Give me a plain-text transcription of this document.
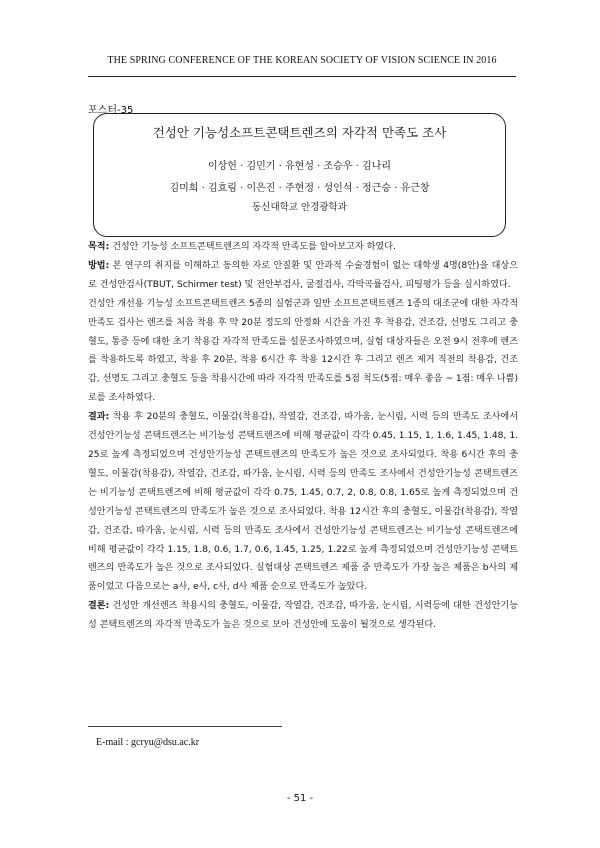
THE SPRING CONFERENCE OF THE KOREAN SOCIETY OF VISION SCIENCE IN 2016
포스터-35
건성안 기능성소프트콘택트렌즈의 자각적 만족도 조사
이상헌 · 김민기 · 유현성 · 조승우 · 김나리
김미희 · 김효림 · 이은진 · 주현정 · 성인석 · 정근승 · 유근창
동신대학교 안경광학과

목적: 건성안 기능성 소프트콘택트렌즈의 자각적 만족도를 알아보고자 하였다.

방법: 본 연구의 취지를 이해하고 동의한 자로 안질환 및 안과적 수술경험이 없는 대학생 4명(8안)을 대상으로 건성안검사(TBUT, Schirmer test) 및 전안부검사, 굴절검사, 각막곡률검사, 피팅평가 등을 실시하였다.

건성안 개선용 기능성 소프트콘택트렌즈 5종의 실험군과 일반 소프트콘택트렌즈 1종의 대조군에 대한 자각적 만족도 검사는 렌즈를 처음 착용 후 약 20분 정도의 안정화 시간을 가진 후 착용감, 건조감, 선명도 그리고 충혈도, 통증 등에 대한 초기 착용감 자각적 만족도를 설문조사하였으며, 실험 대상자들은 오전 9시 전후에 렌즈를 착용하도록 하였고, 착용 후 20분, 착용 6시간 후 착용 12시간 후 그리고 렌즈 제거 직전의 착용감, 건조감, 선명도 그리고 충혈도 등을 착용시간에 따라 자각적 만족도를 5점 척도(5점: 매우 좋음 ~ 1점: 매우 나쁨)로를 조사하였다.

결과: 착용 후 20분의 충혈도, 이물감(착용감), 작열감, 건조감, 따가움, 눈시림, 시력 등의 만족도 조사에서 건성안기능성 콘택트렌즈는 비기능성 콘택트렌즈에 비해 평균값이 각각 0.45, 1.15, 1, 1.6, 1.45, 1.48, 1.25로 높게 측정되었으며 건성안기능성 콘택트렌즈의 만족도가 높은 것으로 조사되었다. 착용 6시간 후의 충혈도, 이물감(착용감), 작열감, 건조감, 따가움, 눈시림, 시력 등의 만족도 조사에서 건성안기능성 콘택트렌즈는 비기능성 콘택트렌즈에 비해 평균값이 각각 0.75, 1.45, 0.7, 2, 0.8, 0.8, 1.65로 높게 측정되었으며 건성안기능성 콘택트렌즈의 만족도가 높은 것으로 조사되었다. 착용 12시간 후의 충혈도, 이물감(착용감), 작열감, 건조감, 따가움, 눈시림, 시력 등의 만족도 조사에서 건성안기능성 콘택트렌즈는 비기능성 콘택트렌즈에 비해 평균값이 각각 1.15, 1.8, 0.6, 1.7, 0.6, 1.45, 1.25, 1.22로 높게 측정되었으며 건성안기능성 콘택트렌즈의 만족도가 높은 것으로 조사되었다. 실험대상 콘택트렌즈 제품 중 만족도가 가장 높은 제품은 b사의 제품이었고 다음으로는 a사, e사, c사, d사 제품 순으로 만족도가 높았다.

결론: 건성안 개선렌즈 착용시의 충혈도, 이물감, 작열감, 건조감, 따가움, 눈시림, 시력등에 대한 건성안기능성 콘택트렌즈의 자각적 만족도가 높은 것으로 보아 건성안에 도움이 될것으로 생각된다.

E-mail : gcryu@dsu.ac.kr
- 51 -
